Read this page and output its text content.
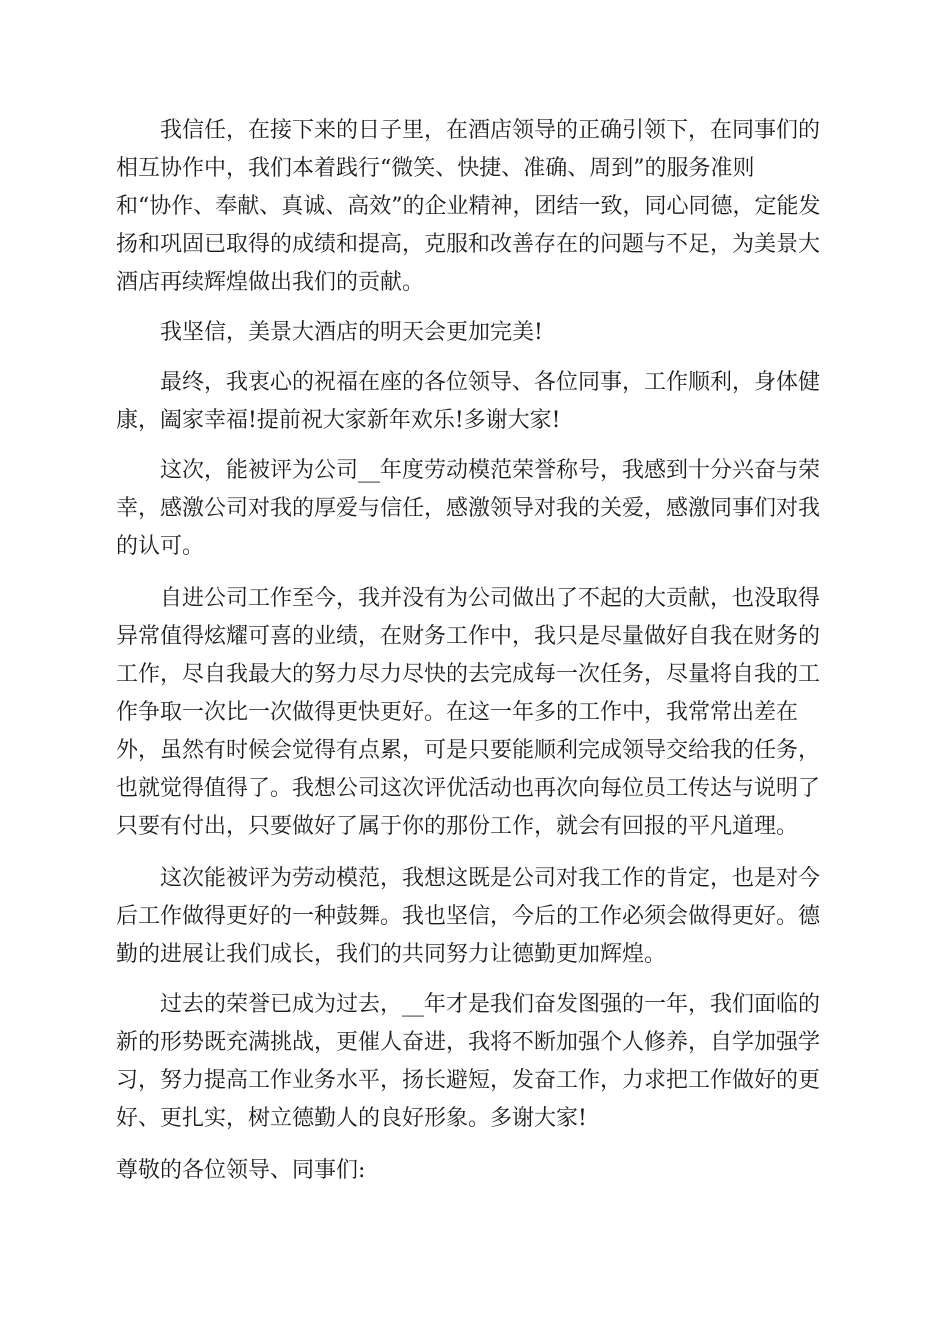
　　我信任，在接下来的日子里，在酒店领导的正确引领下，在同事们的相互协作中，我们本着践行“微笑、快捷、准确、周到”的服务准则
和“协作、奉献、真诚、高效”的企业精神，团结一致，同心同德，定能发扬和巩固已取得的成绩和提高，克服和改善存在的问题与不足，为美景大酒店再续辉煌做出我们的贡献。

　　我坚信，美景大酒店的明天会更加完美!

　　最终，我衷心的祝福在座的各位领导、各位同事，工作顺利，身体健康，阖家幸福!提前祝大家新年欢乐!多谢大家!

　　这次，能被评为公司__年度劳动模范荣誉称号，我感到十分兴奋与荣幸，感激公司对我的厚爱与信任，感激领导对我的关爱，感激同事们对我的认可。

　　自进公司工作至今，我并没有为公司做出了不起的大贡献，也没取得异常值得炫耀可喜的业绩，在财务工作中，我只是尽量做好自我在财务的工作，尽自我最大的努力尽力尽快的去完成每一次任务，尽量将自我的工作争取一次比一次做得更快更好。在这一年多的工作中，我常常出差在外，虽然有时候会觉得有点累，可是只要能顺利完成领导交给我的任务，也就觉得值得了。我想公司这次评优活动也再次向每位员工传达与说明了只要有付出，只要做好了属于你的那份工作，就会有回报的平凡道理。

　　这次能被评为劳动模范，我想这既是公司对我工作的肯定，也是对今后工作做得更好的一种鼓舞。我也坚信，今后的工作必须会做得更好。德勤的进展让我们成长，我们的共同努力让德勤更加辉煌。

　　过去的荣誉已成为过去，__年才是我们奋发图强的一年，我们面临的新的形势既充满挑战，更催人奋进，我将不断加强个人修养，自学加强学习，努力提高工作业务水平，扬长避短，发奋工作，力求把工作做好的更好、更扎实，树立德勤人的良好形象。多谢大家!

尊敬的各位领导、同事们:
